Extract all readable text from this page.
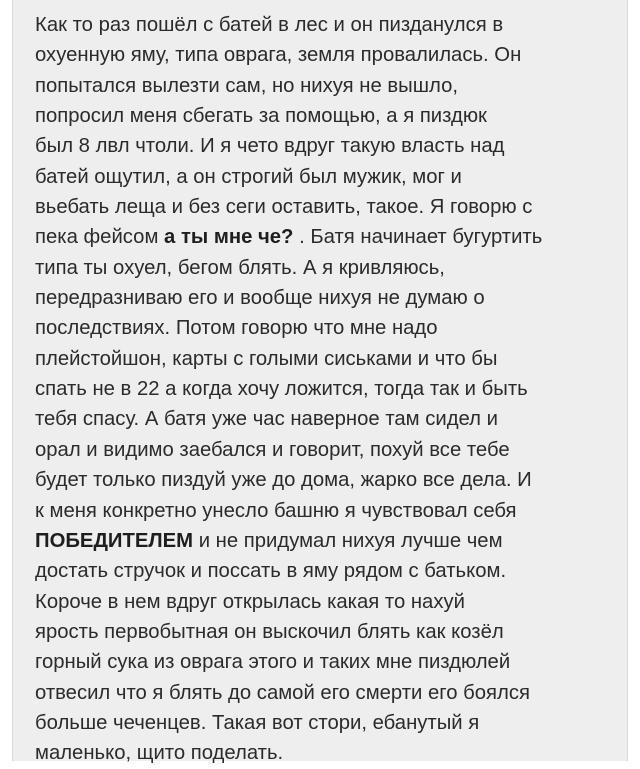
Как то раз пошёл с батей в лес и он пизданулся в
охуенную яму, типа оврага, земля провалилась. Он
попытался вылезти сам, но нихуя не вышло,
попросил меня сбегать за помощью, а я пиздюк
был 8 лвл чтоли. И я чето вдруг такую власть над
батей ощутил, а он строгий был мужик, мог и
вьебать леща и без сеги оставить, такое. Я говорю с
пека фейсом а ты мне че? . Батя начинает бугуртить
типа ты охуел, бегом блять. А я кривляюсь,
передразниваю его и вообще нихуя не думаю о
последствиях. Потом говорю что мне надо
плейстойшон, карты с голыми сиськами и что бы
спать не в 22 а когда хочу ложится, тогда так и быть
тебя спасу. А батя уже час наверное там сидел и
орал и видимо заебался и говорит, похуй все тебе
будет только пиздуй уже до дома, жарко все дела. И
к меня конкретно унесло башню я чувствовал себя
ПОБЕДИТЕЛЕМ и не придумал нихуя лучше чем
достать стручок и поссать в яму рядом с батьком.
Короче в нем вдруг открылась какая то нахуй
ярость первобытная он выскочил блять как козёл
горный сука из оврага этого и таких мне пиздюлей
отвесил что я блять до самой его смерти его боялся
больше чеченцев. Такая вот стори, ебанутый я
маленько, щито поделать.
